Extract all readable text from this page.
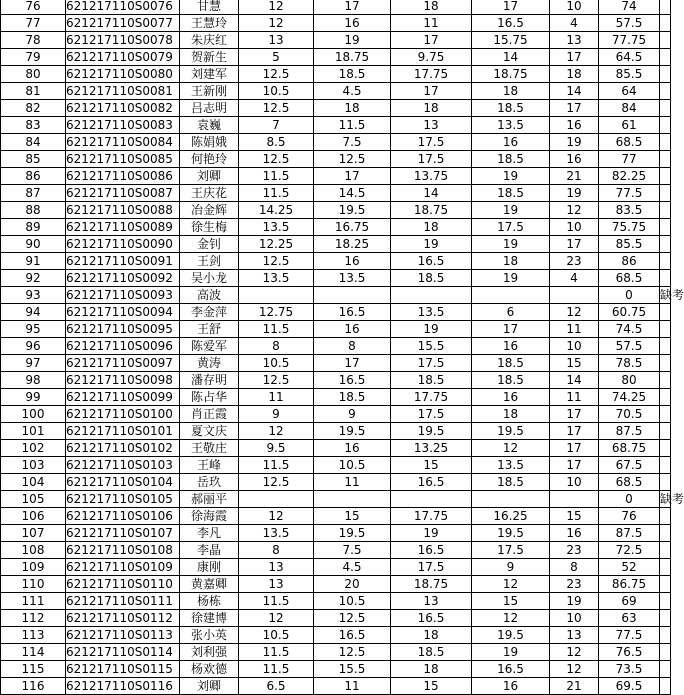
76	621217110S0076	甘慧	12	17	18	17	10	74	
77	621217110S0077	王慧玲	12	16	11	16.5	4	57.5	
78	621217110S0078	朱庆红	13	19	17	15.75	13	77.75	
79	621217110S0079	贺新生	5	18.75	9.75	14	17	64.5	
80	621217110S0080	刘建军	12.5	18.5	17.75	18.75	18	85.5	
81	621217110S0081	王新刚	10.5	4.5	17	18	14	64	
82	621217110S0082	吕志明	12.5	18	18	18.5	17	84	
83	621217110S0083	袁巍	7	11.5	13	13.5	16	61	
84	621217110S0084	陈娟娥	8.5	7.5	17.5	16	19	68.5	
85	621217110S0085	何艳玲	12.5	12.5	17.5	18.5	16	77	
86	621217110S0086	刘卿	11.5	17	13.75	19	21	82.25	
87	621217110S0087	王庆花	11.5	14.5	14	18.5	19	77.5	
88	621217110S0088	冶金辉	14.25	19.5	18.75	19	12	83.5	
89	621217110S0089	徐生梅	13.5	16.75	18	17.5	10	75.75	
90	621217110S0090	金钊	12.25	18.25	19	19	17	85.5	
91	621217110S0091	王剑	12.5	16	16.5	18	23	86	
92	621217110S0092	吴小龙	13.5	13.5	18.5	19	4	68.5	
93	621217110S0093	高波						0	缺考
94	621217110S0094	李金萍	12.75	16.5	13.5	6	12	60.75	
95	621217110S0095	王舒	11.5	16	19	17	11	74.5	
96	621217110S0096	陈爱军	8	8	15.5	16	10	57.5	
97	621217110S0097	黄涛	10.5	17	17.5	18.5	15	78.5	
98	621217110S0098	潘存明	12.5	16.5	18.5	18.5	14	80	
99	621217110S0099	陈占华	11	18.5	17.75	16	11	74.25	
100	621217110S0100	肖正霞	9	9	17.5	18	17	70.5	
101	621217110S0101	夏文庆	12	19.5	19.5	19.5	17	87.5	
102	621217110S0102	王敬庄	9.5	16	13.25	12	17	68.75	
103	621217110S0103	王峰	11.5	10.5	15	13.5	17	67.5	
104	621217110S0104	岳玖	12.5	11	16.5	18.5	10	68.5	
105	621217110S0105	郝丽平						0	缺考
106	621217110S0106	徐海霞	12	15	17.75	16.25	15	76	
107	621217110S0107	李凡	13.5	19.5	19	19.5	16	87.5	
108	621217110S0108	李晶	8	7.5	16.5	17.5	23	72.5	
109	621217110S0109	康刚	13	4.5	17.5	9	8	52	
110	621217110S0110	黄嘉卿	13	20	18.75	12	23	86.75	
111	621217110S0111	杨栋	11.5	10.5	13	15	19	69	
112	621217110S0112	徐建博	12	12.5	16.5	12	10	63	
113	621217110S0113	张小英	10.5	16.5	18	19.5	13	77.5	
114	621217110S0114	刘利强	11.5	12.5	18.5	19	12	76.5	
115	621217110S0115	杨欢德	11.5	15.5	18	16.5	12	73.5	
116	621217110S0116	刘卿	6.5	11	15	16	21	69.5	
